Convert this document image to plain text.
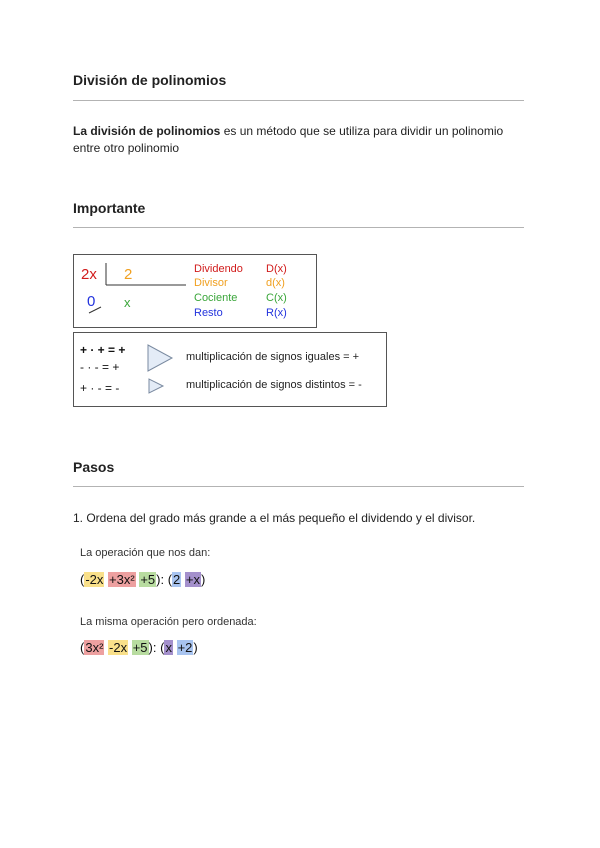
División de polinomios
La división de polinomios es un método que se utiliza para dividir un polinomio
entre otro polinomio
Importante
2x 2
0 x
Dividendo D(x)
Divisor	d(x)
Cociente	C(x)
Resto	R(x)
+ · + = +
- · - = +
+ · - = -
multiplicación de signos iguales = +
multiplicación de signos distintos = -
Pasos
1. Ordena del grado más grande a el más pequeño el dividendo y el divisor.
La operación que nos dan:
(-2x +3x² +5): (2 +x)
La misma operación pero ordenada:
(3x² -2x +5): (x +2)
